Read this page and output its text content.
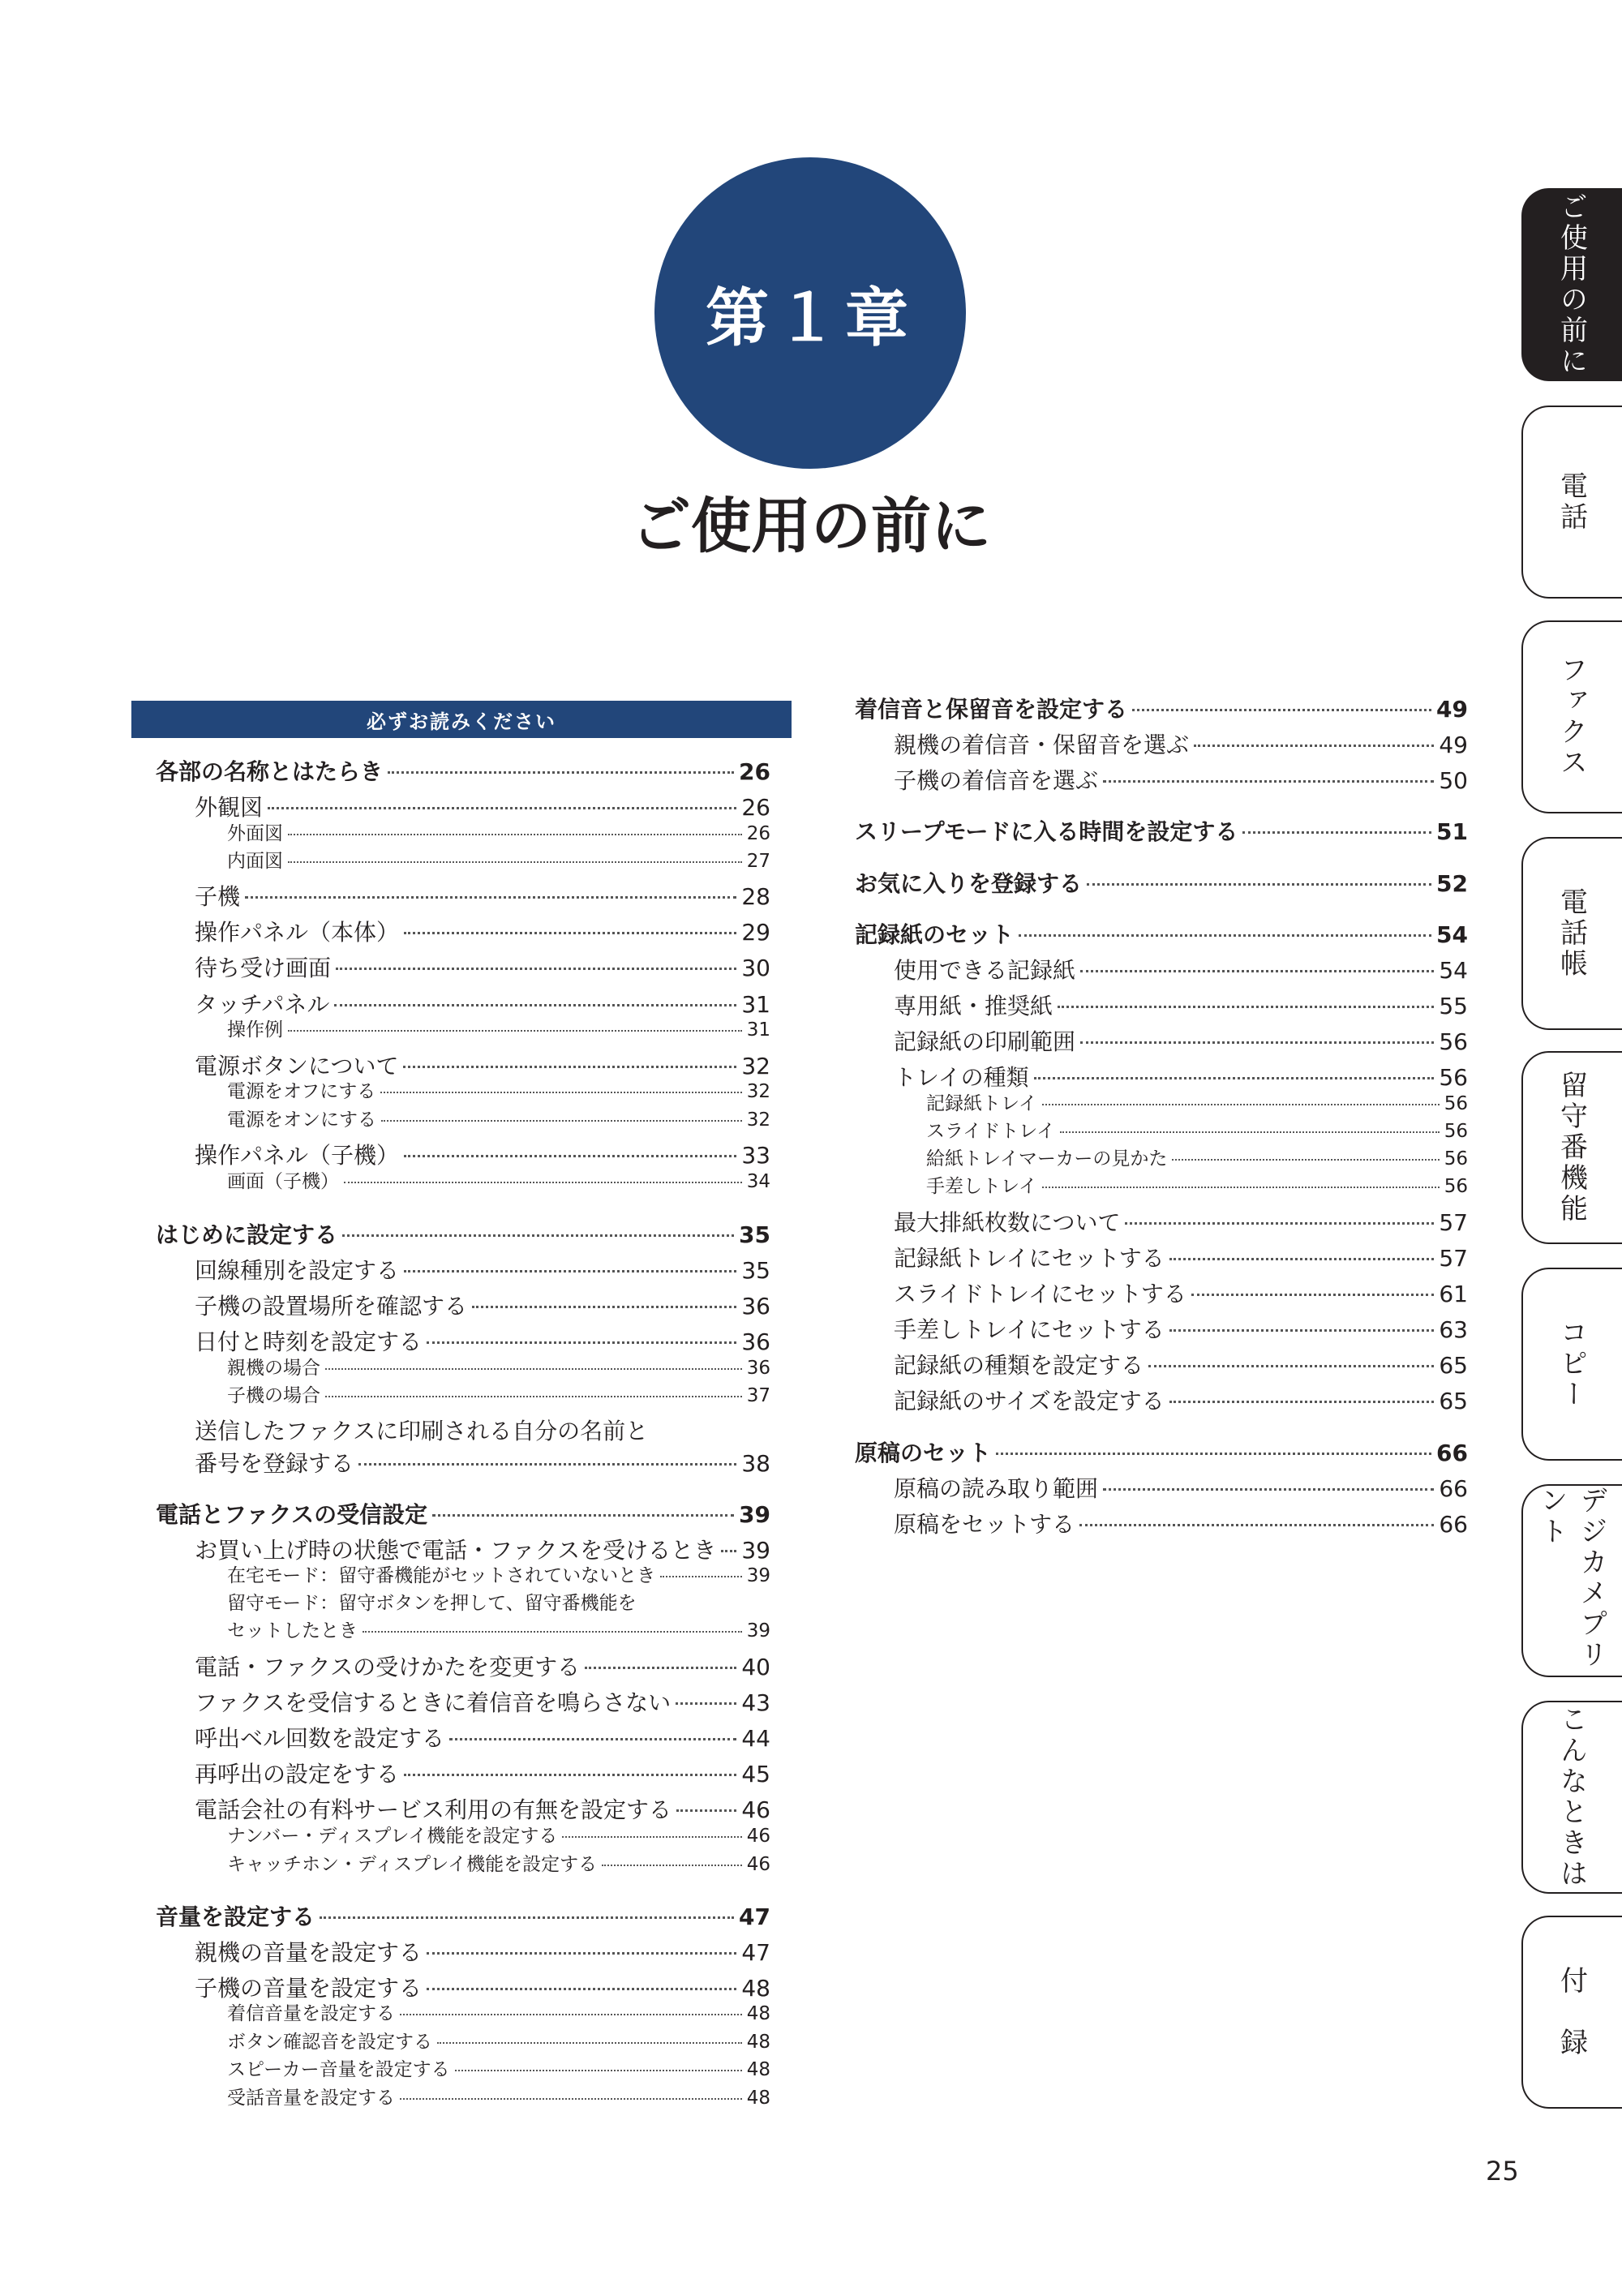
第１章
ご使用の前に
必ずお読みください
各部の名称とはたらき	26
外観図	26
外面図	26
内面図	27
子機	28
操作パネル（本体）	29
待ち受け画面	30
タッチパネル	31
操作例	31
電源ボタンについて	32
電源をオフにする	32
電源をオンにする	32
操作パネル（子機）	33
画面（子機）	34
はじめに設定する	35
回線種別を設定する	35
子機の設置場所を確認する	36
日付と時刻を設定する	36
親機の場合	36
子機の場合	37
送信したファクスに印刷される自分の名前と
番号を登録する	38
電話とファクスの受信設定	39
お買い上げ時の状態で電話・ファクスを受けるとき 39
在宅モード：留守番機能がセットされていないとき	39
留守モード：留守ボタンを押して、留守番機能を
セットしたとき	39
電話・ファクスの受けかたを変更する	40
ファクスを受信するときに着信音を鳴らさない	43
呼出ベル回数を設定する	44
再呼出の設定をする	45
電話会社の有料サービス利用の有無を設定する	46
ナンバー・ディスプレイ機能を設定する	46
キャッチホン・ディスプレイ機能を設定する	46
音量を設定する	47
親機の音量を設定する	47
子機の音量を設定する	48
着信音量を設定する	48
ボタン確認音を設定する	48
スピーカー音量を設定する	48
受話音量を設定する	48
着信音と保留音を設定する	49
親機の着信音・保留音を選ぶ	49
子機の着信音を選ぶ	50
スリープモードに入る時間を設定する	51
お気に入りを登録する	52
記録紙のセット	54
使用できる記録紙	54
専用紙・推奨紙	55
記録紙の印刷範囲	56
トレイの種類	56
記録紙トレイ	56
スライドトレイ	56
給紙トレイマーカーの見かた	56
手差しトレイ	56
最大排紙枚数について	57
記録紙トレイにセットする	57
スライドトレイにセットする	61
手差しトレイにセットする	63
記録紙の種類を設定する	65
記録紙のサイズを設定する	65
原稿のセット	66
原稿の読み取り範囲	66
原稿をセットする	66
ご使用の前に
電話
ファクス
電話帳
留守番機能
コピー
デジカメプリント
こんなときは
付　録
25
